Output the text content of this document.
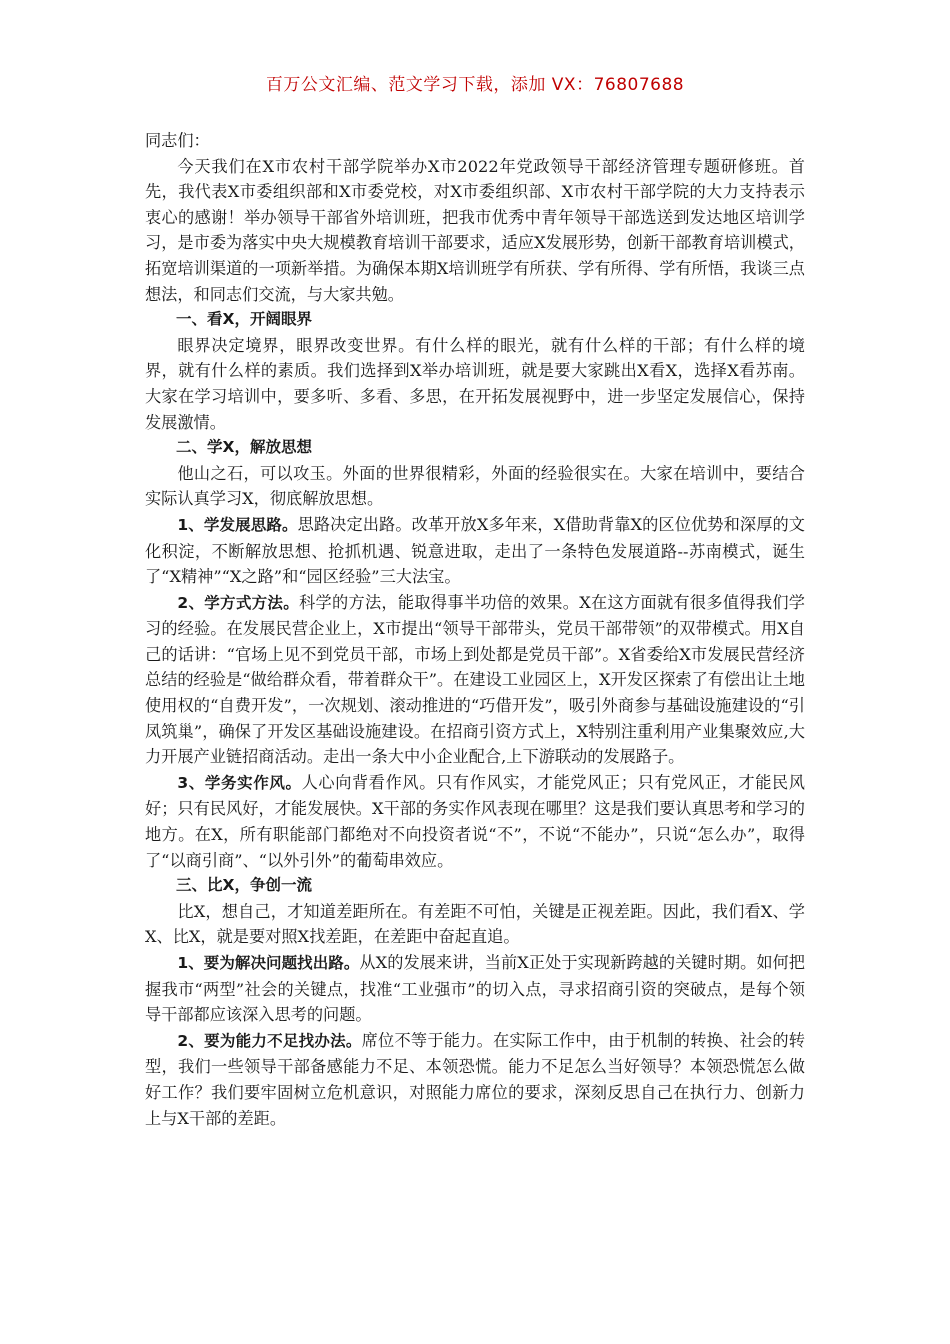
百万公文汇编、范文学习下载，添加 VX：76807688

同志们：

今天我们在X市农村干部学院举办X市2022年党政领导干部经济管理专题研修班。首先，我代表X市委组织部和X市委党校，对X市委组织部、X市农村干部学院的大力支持表示衷心的感谢！举办领导干部省外培训班，把我市优秀中青年领导干部选送到发达地区培训学习，是市委为落实中央大规模教育培训干部要求，适应X发展形势，创新干部教育培训模式，拓宽培训渠道的一项新举措。为确保本期X培训班学有所获、学有所得、学有所悟，我谈三点想法，和同志们交流，与大家共勉。

一、看X，开阔眼界

眼界决定境界，眼界改变世界。有什么样的眼光，就有什么样的干部；有什么样的境界，就有什么样的素质。我们选择到X举办培训班，就是要大家跳出X看X，选择X看苏南。大家在学习培训中，要多听、多看、多思，在开拓发展视野中，进一步坚定发展信心，保持发展激情。

二、学X，解放思想

他山之石，可以攻玉。外面的世界很精彩，外面的经验很实在。大家在培训中，要结合实际认真学习X，彻底解放思想。

1、学发展思路。思路决定出路。改革开放X多年来，X借助背靠X的区位优势和深厚的文化积淀，不断解放思想、抢抓机遇、锐意进取，走出了一条特色发展道路--苏南模式，诞生了“X精神”“X之路”和“园区经验”三大法宝。

2、学方式方法。科学的方法，能取得事半功倍的效果。X在这方面就有很多值得我们学习的经验。在发展民营企业上，X市提出“领导干部带头，党员干部带领”的双带模式。用X自己的话讲：“官场上见不到党员干部，市场上到处都是党员干部”。X省委给X市发展民营经济总结的经验是“做给群众看，带着群众干”。在建设工业园区上，X开发区探索了有偿出让土地使用权的“自费开发”，一次规划、滚动推进的“巧借开发”，吸引外商参与基础设施建设的“引凤筑巢”，确保了开发区基础设施建设。在招商引资方式上，X特别注重利用产业集聚效应,大力开展产业链招商活动。走出一条大中小企业配合,上下游联动的发展路子。

3、学务实作风。人心向背看作风。只有作风实，才能党风正；只有党风正，才能民风好；只有民风好，才能发展快。X干部的务实作风表现在哪里？这是我们要认真思考和学习的地方。在X，所有职能部门都绝对不向投资者说“不”，不说“不能办”，只说“怎么办”，取得了“以商引商”、“以外引外”的葡萄串效应。

三、比X，争创一流

比X，想自己，才知道差距所在。有差距不可怕，关键是正视差距。因此，我们看X、学X、比X，就是要对照X找差距，在差距中奋起直追。

1、要为解决问题找出路。从X的发展来讲，当前X正处于实现新跨越的关键时期。如何把握我市“两型”社会的关键点，找准“工业强市”的切入点，寻求招商引资的突破点，是每个领导干部都应该深入思考的问题。

2、要为能力不足找办法。席位不等于能力。在实际工作中，由于机制的转换、社会的转型，我们一些领导干部备感能力不足、本领恐慌。能力不足怎么当好领导？本领恐慌怎么做好工作？我们要牢固树立危机意识，对照能力席位的要求，深刻反思自己在执行力、创新力上与X干部的差距。
